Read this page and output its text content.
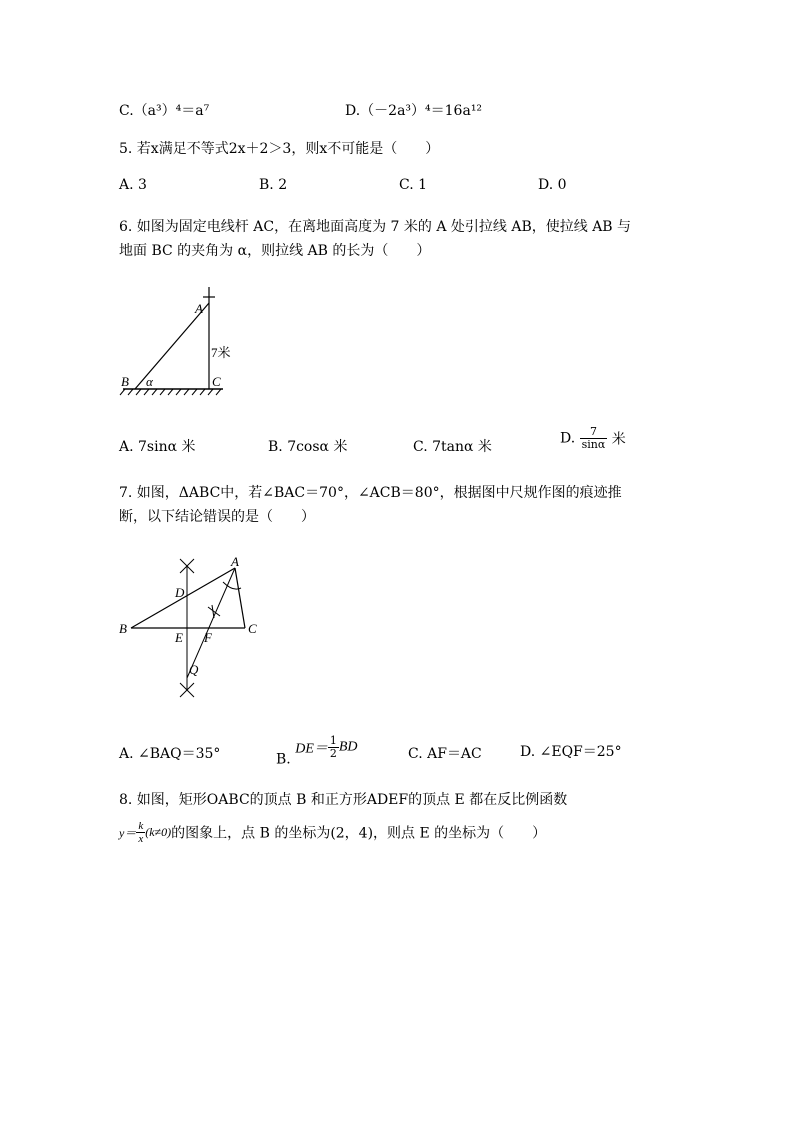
C.（a³）⁴＝a⁷	D.（－2a³）⁴＝16a¹²
5. 若x满足不等式2x＋2＞3，则x不可能是（　　）
A. 3	B. 2	C. 1	D. 0
6. 如图为固定电线杆 AC，在离地面高度为 7 米的 A 处引拉线 AB，使拉线 AB 与
地面 BC 的夹角为 α，则拉线 AB 的长为（　　）
A
B	C
α
7米
A. 7sinα 米	B. 7cosα 米	C. 7tanα 米
D. $\frac{7}{\sin\alpha}$ 米
7. 如图，ΔABC中，若∠BAC＝70°，∠ACB＝80°，根据图中尺规作图的痕迹推
断，以下结论错误的是（　　）
A
B	C
D
E F
Q
A. ∠BAQ＝35°	B. $DE= \frac{1}{2}$ BD	C. AF＝AC	D. ∠EQF＝25°
8. 如图，矩形OABC的顶点 B 和正方形ADEF的顶点 E 都在反比例函数
$y= \frac{k}{x} (k\ne 0)$的图象上，点 B 的坐标为(2，4)，则点 E 的坐标为（　　）
